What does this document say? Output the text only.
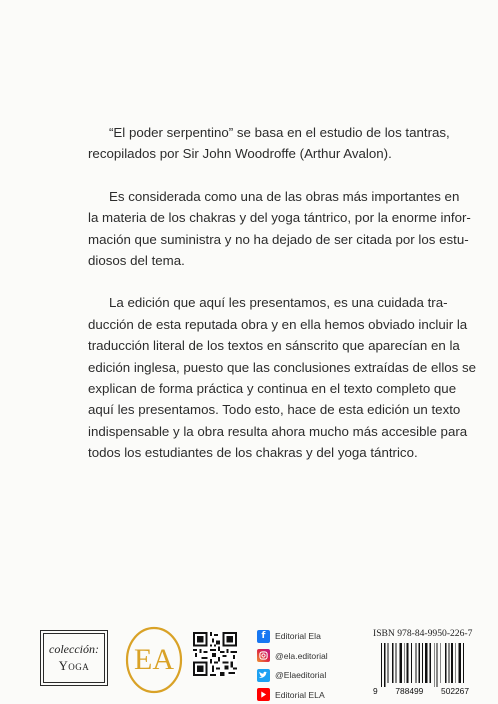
“El poder serpentino” se basa en el estudio de los tantras,
recopilados por Sir John Woodroffe (Arthur Avalon).
Es considerada como una de las obras más importantes en
la materia de los chakras y del yoga tántrico, por la enorme infor-
mación que suministra y no ha dejado de ser citada por los estu-
diosos del tema.
La edición que aquí les presentamos, es una cuidada tra-
ducción de esta reputada obra y en ella hemos obviado incluir la
traducción literal de los textos en sánscrito que aparecían en la
edición inglesa, puesto que las conclusiones extraídas de ellos se
explican de forma práctica y continua en el texto completo que
aquí les presentamos. Todo esto, hace de esta edición un texto
indispensable y la obra resulta ahora mucho más accesible para
todos los estudiantes de los chakras y del yoga tántrico.
colección:
Yoga EA
f	Editorial Ela
@ela.editorial
@Elaeditorial
Editorial ELA
ISBN 978-84-9950-226-7
9 788499 502267
